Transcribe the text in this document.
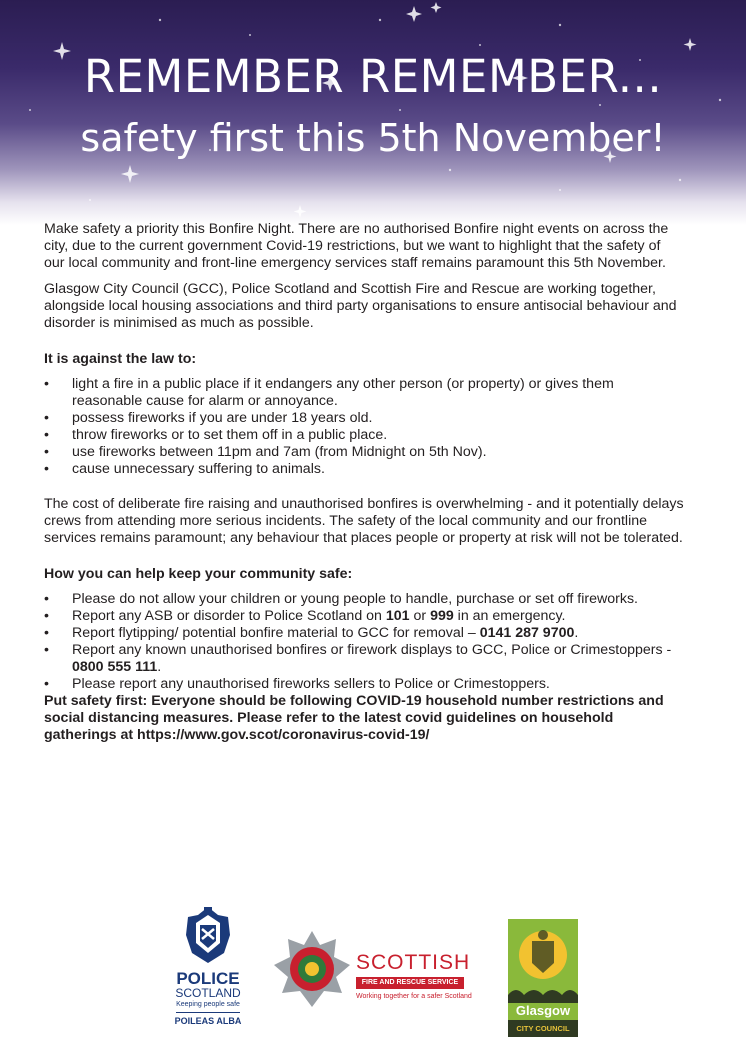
REMEMBER REMEMBER...
safety first this 5th November!

Make safety a priority this Bonfire Night. There are no authorised Bonfire night events on across the city, due to the current government Covid-19 restrictions, but we want to highlight that the safety of our local community and front-line emergency services staff remains paramount this 5th November.

Glasgow City Council (GCC), Police Scotland and Scottish Fire and Rescue are working together, alongside local housing associations and third party organisations to ensure antisocial behaviour and disorder is minimised as much as possible.

It is against the law to:
• light a fire in a public place if it endangers any other person (or property) or gives them reasonable cause for alarm or annoyance.
• possess fireworks if you are under 18 years old.
• throw fireworks or to set them off in a public place.
• use fireworks between 11pm and 7am (from Midnight on 5th Nov).
• cause unnecessary suffering to animals.

The cost of deliberate fire raising and unauthorised bonfires is overwhelming - and it potentially delays crews from attending more serious incidents. The safety of the local community and our frontline services remains paramount; any behaviour that places people or property at risk will not be tolerated.

How you can help keep your community safe:
• Please do not allow your children or young people to handle, purchase or set off fireworks.
• Report any ASB or disorder to Police Scotland on 101 or 999 in an emergency.
• Report flytipping/ potential bonfire material to GCC for removal – 0141 287 9700.
• Report any known unauthorised bonfires or firework displays to GCC, Police or Crimestoppers - 0800 555 111.
• Please report any unauthorised fireworks sellers to Police or Crimestoppers.

Put safety first: Everyone should be following COVID-19 household number restrictions and social distancing measures. Please refer to the latest covid guidelines on household gatherings at https://www.gov.scot/coronavirus-covid-19/

POLICE
SCOTLAND
Keeping people safe
POILEAS ALBA
SCOTTISH
FIRE AND RESCUE SERVICE
Working together for a safer Scotland
Glasgow
CITY COUNCIL
